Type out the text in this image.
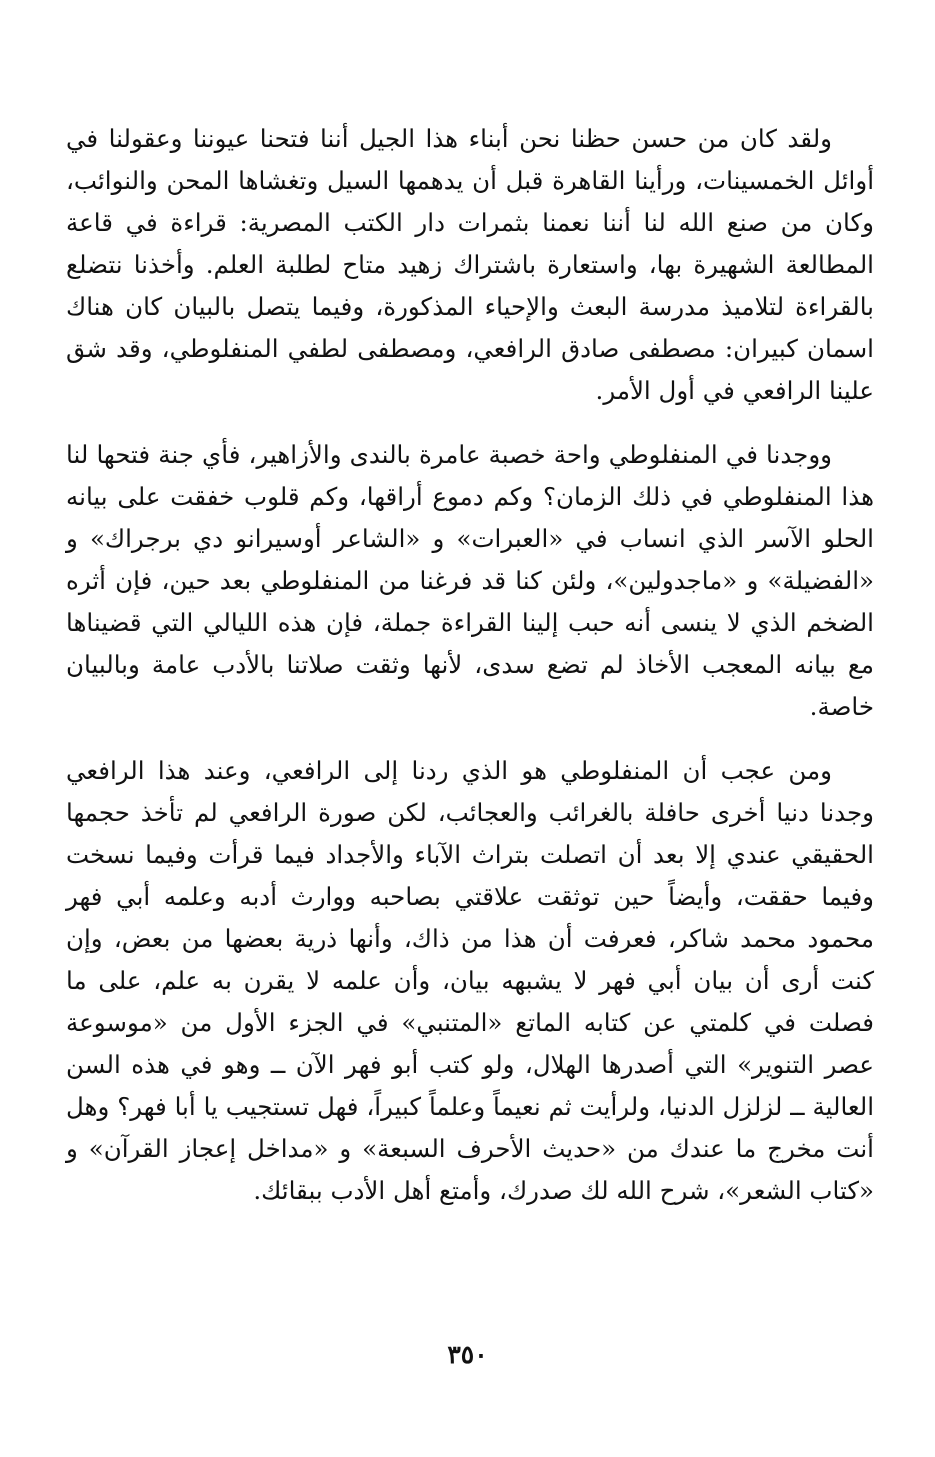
ولقد كان من حسن حظنا نحن أبناء هذا الجيل أننا فتحنا عيوننا وعقولنا في أوائل الخمسينات، ورأينا القاهرة قبل أن يدهمها السيل وتغشاها المحن والنوائب، وكان من صنع الله لنا أننا نعمنا بثمرات دار الكتب المصرية: قراءة في قاعة المطالعة الشهيرة بها، واستعارة باشتراك زهيد متاح لطلبة العلم. وأخذنا نتضلع بالقراءة لتلاميذ مدرسة البعث والإحياء المذكورة، وفيما يتصل بالبيان كان هناك اسمان كبيران: مصطفى صادق الرافعي، ومصطفى لطفي المنفلوطي، وقد شق علينا الرافعي في أول الأمر.

ووجدنا في المنفلوطي واحة خصبة عامرة بالندى والأزاهير، فأي جنة فتحها لنا هذا المنفلوطي في ذلك الزمان؟ وكم دموع أراقها، وكم قلوب خفقت على بيانه الحلو الآسر الذي انساب في «العبرات» و «الشاعر أوسيرانو دي برجراك» و «الفضيلة» و «ماجدولين»، ولئن كنا قد فرغنا من المنفلوطي بعد حين، فإن أثره الضخم الذي لا ينسى أنه حبب إلينا القراءة جملة، فإن هذه الليالي التي قضيناها مع بيانه المعجب الأخاذ لم تضع سدى، لأنها وثقت صلاتنا بالأدب عامة وبالبيان خاصة.

ومن عجب أن المنفلوطي هو الذي ردنا إلى الرافعي، وعند هذا الرافعي وجدنا دنيا أخرى حافلة بالغرائب والعجائب، لكن صورة الرافعي لم تأخذ حجمها الحقيقي عندي إلا بعد أن اتصلت بتراث الآباء والأجداد فيما قرأت وفيما نسخت وفيما حققت، وأيضاً حين توثقت علاقتي بصاحبه ووارث أدبه وعلمه أبي فهر محمود محمد شاكر، فعرفت أن هذا من ذاك، وأنها ذرية بعضها من بعض، وإن كنت أرى أن بيان أبي فهر لا يشبهه بيان، وأن علمه لا يقرن به علم، على ما فصلت في كلمتي عن كتابه الماتع «المتنبي» في الجزء الأول من «موسوعة عصر التنوير» التي أصدرها الهلال، ولو كتب أبو فهر الآن ــ وهو في هذه السن العالية ــ لزلزل الدنيا، ولرأيت ثم نعيماً وعلماً كبيراً، فهل تستجيب يا أبا فهر؟ وهل أنت مخرج ما عندك من «حديث الأحرف السبعة» و «مداخل إعجاز القرآن» و «كتاب الشعر»، شرح الله لك صدرك، وأمتع أهل الأدب ببقائك.

٣٥٠
